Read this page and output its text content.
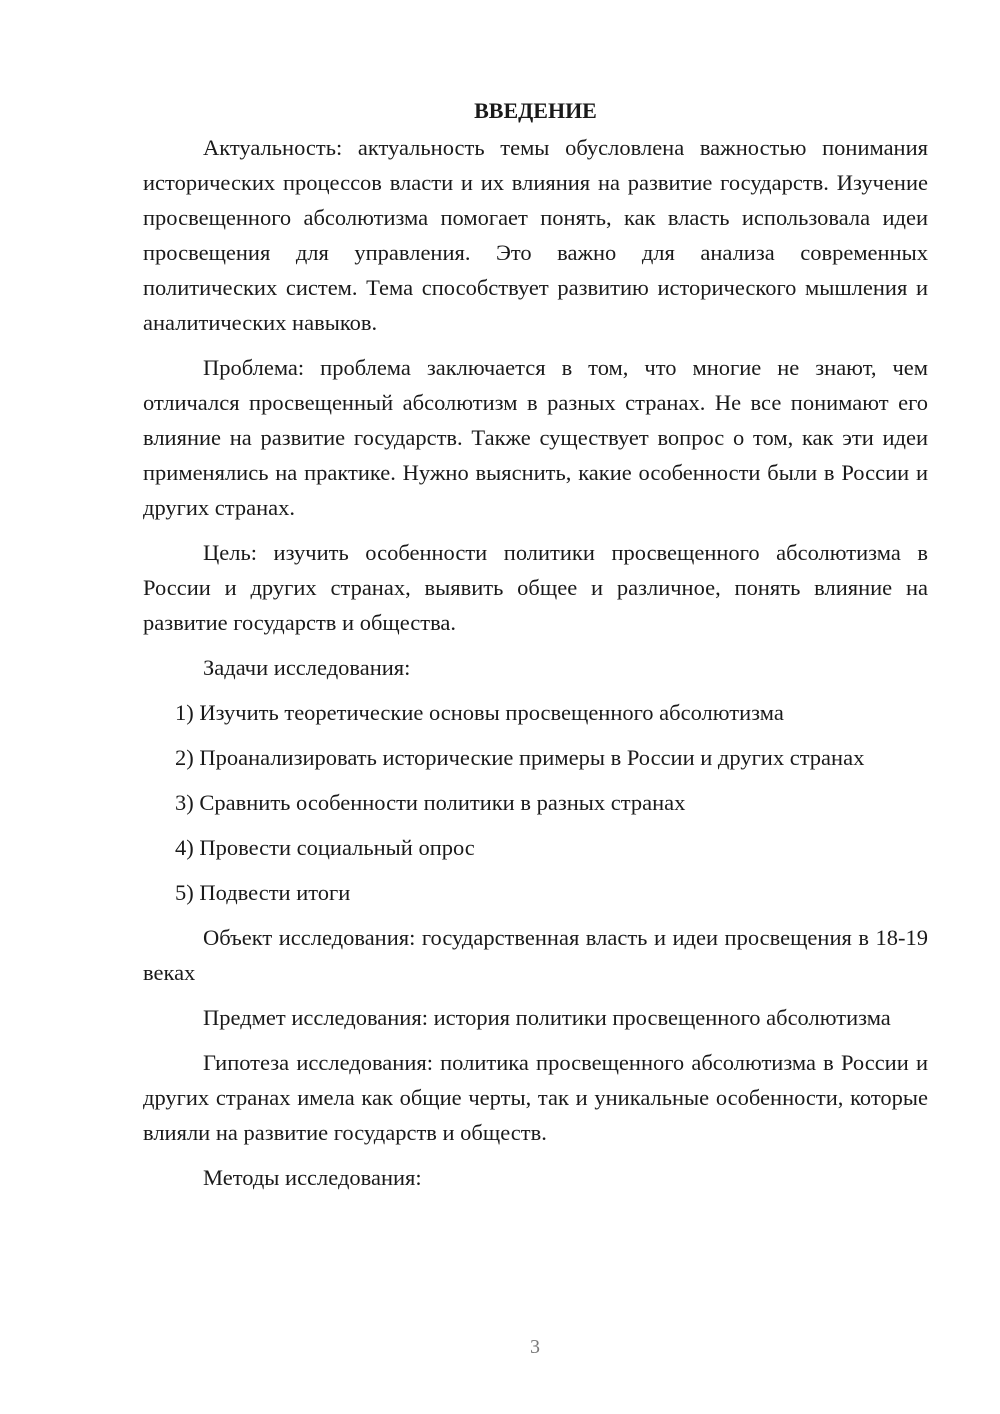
ВВЕДЕНИЕ
Актуальность: актуальность темы обусловлена важностью понимания исторических процессов власти и их влияния на развитие государств. Изучение просвещенного абсолютизма помогает понять, как власть использовала идеи просвещения для управления. Это важно для анализа современных политических систем. Тема способствует развитию исторического мышления и аналитических навыков.
Проблема: проблема заключается в том, что многие не знают, чем отличался просвещенный абсолютизм в разных странах. Не все понимают его влияние на развитие государств. Также существует вопрос о том, как эти идеи применялись на практике. Нужно выяснить, какие особенности были в России и других странах.
Цель: изучить особенности политики просвещенного абсолютизма в России и других странах, выявить общее и различное, понять влияние на развитие государств и общества.
Задачи исследования:
1) Изучить теоретические основы просвещенного абсолютизма
2) Проанализировать исторические примеры в России и других странах
3) Сравнить особенности политики в разных странах
4) Провести социальный опрос
5) Подвести итоги
Объект исследования: государственная власть и идеи просвещения в 18-19 веках
Предмет исследования: история политики просвещенного абсолютизма
Гипотеза исследования: политика просвещенного абсолютизма в России и других странах имела как общие черты, так и уникальные особенности, которые влияли на развитие государств и обществ.
Методы исследования:
3
